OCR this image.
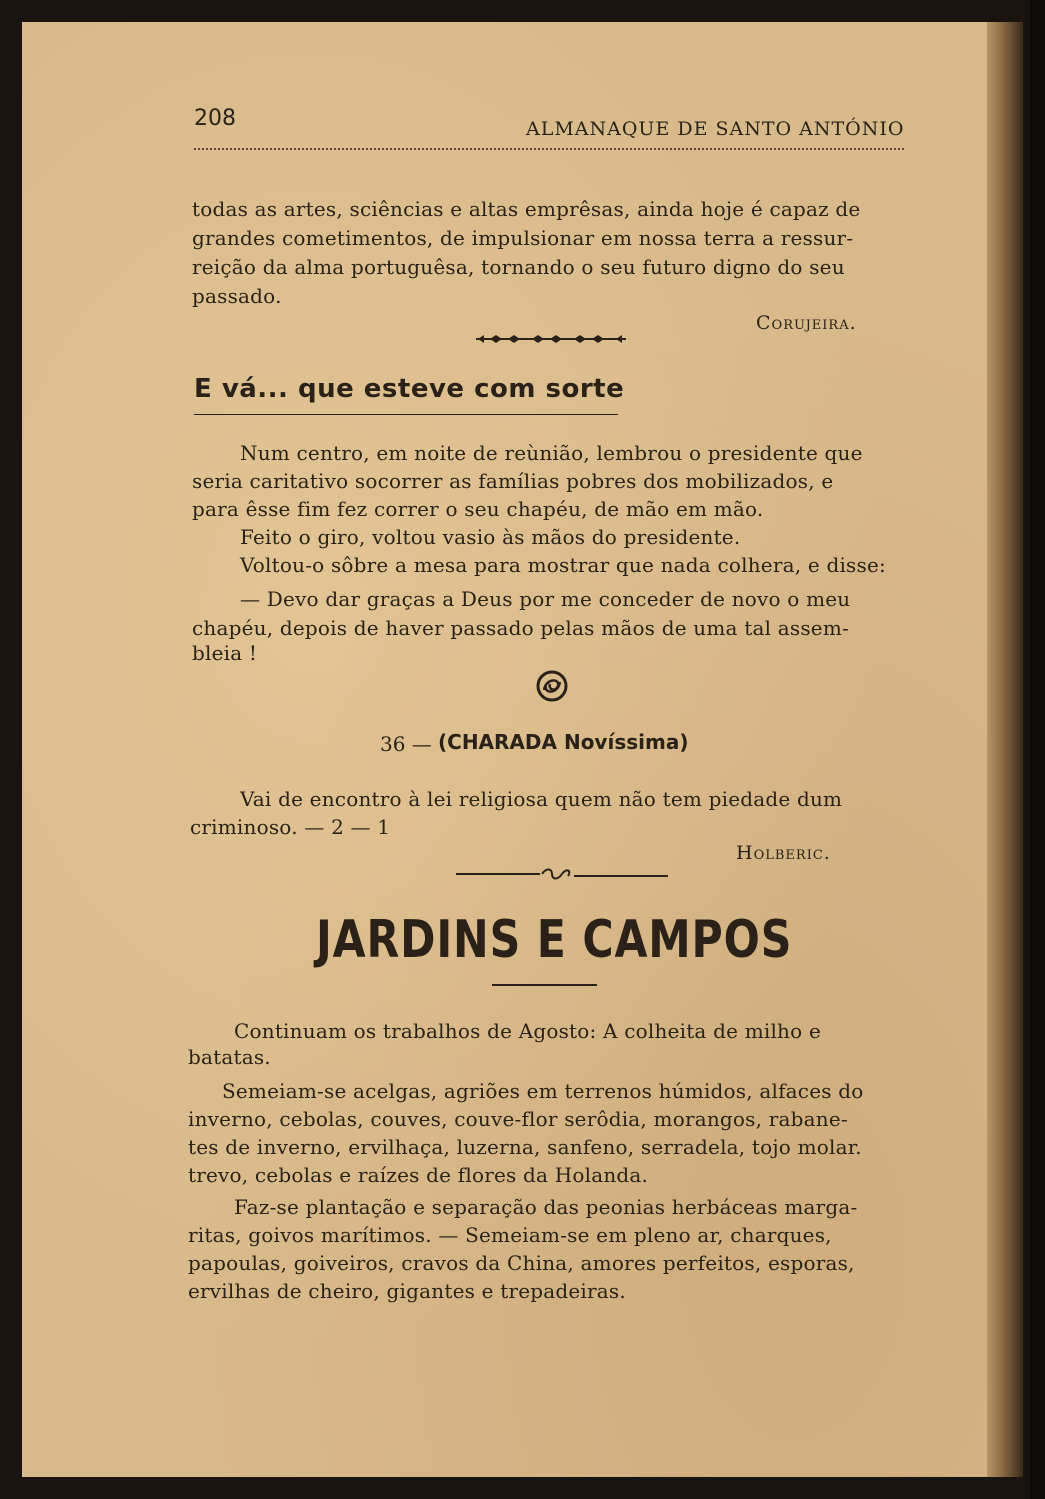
208	ALMANAQUE DE SANTO ANTÓNIO
todas as artes, sciências e altas emprêsas, ainda hoje é capaz de
grandes cometimentos, de impulsionar em nossa terra a ressur-
reição da alma portuguêsa, tornando o seu futuro digno do seu
passado.
Corujeira.
E vá... que esteve com sorte
Num centro, em noite de reùnião, lembrou o presidente que
seria caritativo socorrer as famílias pobres dos mobilizados, e
para êsse fim fez correr o seu chapéu, de mão em mão.
Feito o giro, voltou vasio às mãos do presidente.
Voltou-o sôbre a mesa para mostrar que nada colhera, e disse:
— Devo dar graças a Deus por me conceder de novo o meu
chapéu, depois de haver passado pelas mãos de uma tal assem-
bleia !
36 — (CHARADA Novíssima)
Vai de encontro à lei religiosa quem não tem piedade dum
criminoso. — 2 — 1
Holberic.
JARDINS E CAMPOS
Continuam os trabalhos de Agosto: A colheita de milho e
batatas.
Semeiam-se acelgas, agriões em terrenos húmidos, alfaces do
inverno, cebolas, couves, couve-flor serôdia, morangos, rabane-
tes de inverno, ervilhaça, luzerna, sanfeno, serradela, tojo molar.
trevo, cebolas e raízes de flores da Holanda.
Faz-se plantação e separação das peonias herbáceas marga-
ritas, goivos marítimos. — Semeiam-se em pleno ar, charques,
papoulas, goiveiros, cravos da China, amores perfeitos, esporas,
ervilhas de cheiro, gigantes e trepadeiras.
